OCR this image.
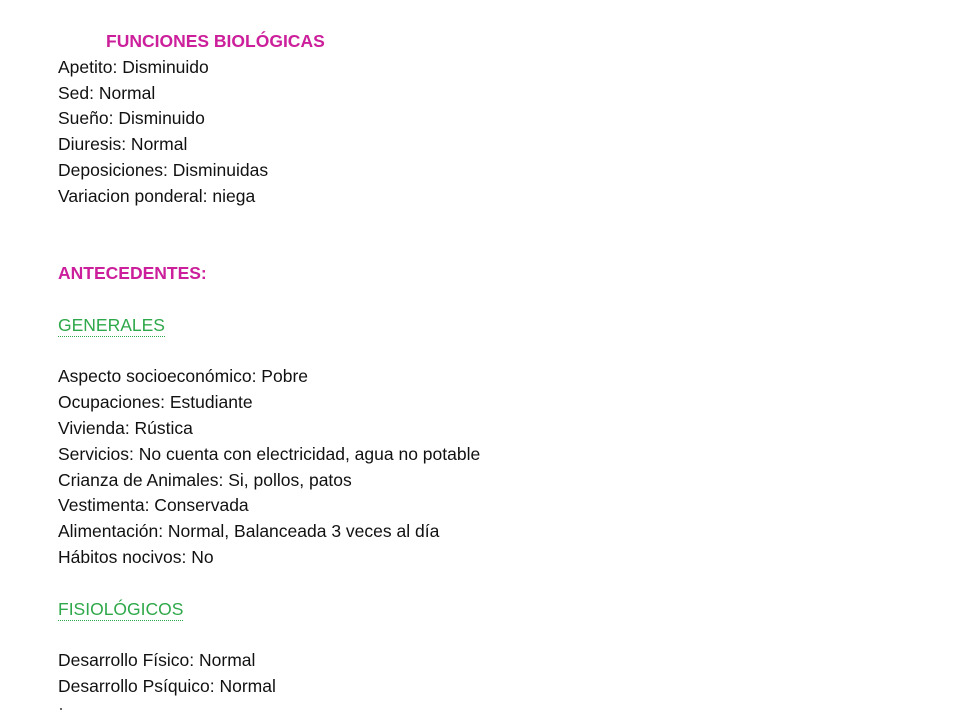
FUNCIONES BIOLÓGICAS
Apetito: Disminuido
Sed: Normal
Sueño: Disminuido
Diuresis: Normal
Deposiciones: Disminuidas
Variacion ponderal: niega
ANTECEDENTES:
GENERALES
Aspecto socioeconómico: Pobre
Ocupaciones: Estudiante
Vivienda: Rústica
Servicios: No cuenta con electricidad, agua no potable
Crianza de Animales: Si, pollos, patos
Vestimenta: Conservada
Alimentación: Normal, Balanceada 3 veces al día
Hábitos nocivos: No
FISIOLÓGICOS
Desarrollo Físico: Normal
Desarrollo Psíquico: Normal
